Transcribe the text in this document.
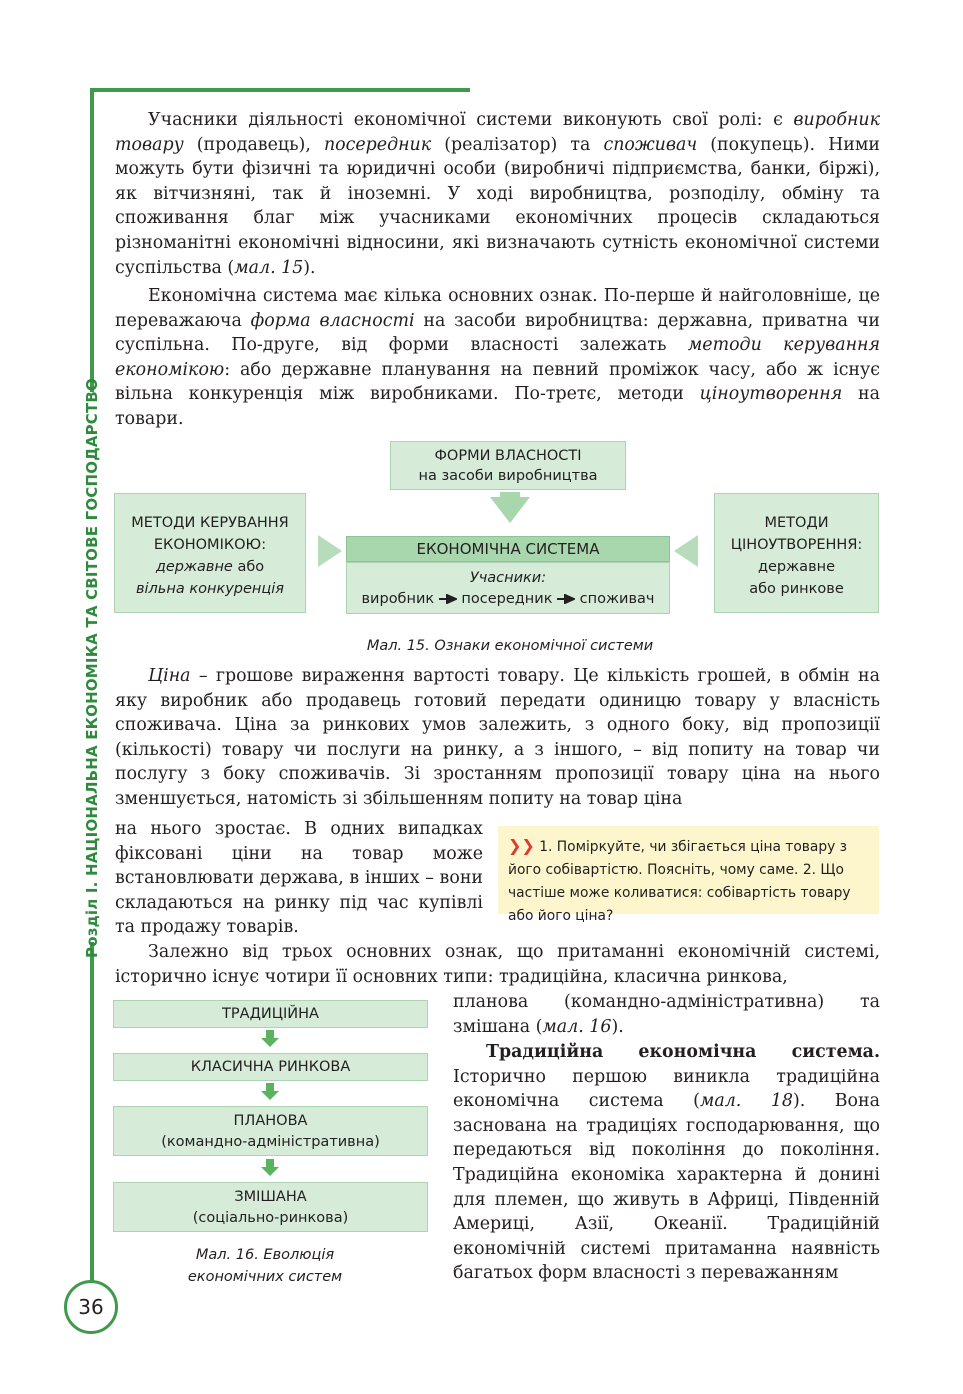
Розділ І. НАЦІОНАЛЬНА ЕКОНОМІКА ТА СВІТОВЕ ГОСПОДАРСТВО
36

Учасники діяльності економічної системи виконують свої ролі: є виробник товару (продавець), посередник (реалізатор) та споживач (покупець). Ними можуть бути фізичні та юридичні особи (виробничі підприємства, банки, біржі), як вітчизняні, так й іноземні. У ході виробництва, розподілу, обміну та споживання благ між учасниками економічних процесів складаються різноманітні економічні відносини, які визначають сутність економічної системи суспільства (мал. 15).

Економічна система має кілька основних ознак. По-перше й найголовніше, це переважаюча форма власності на засоби виробництва: державна, приватна чи суспільна. По-друге, від форми власності залежать методи керування економікою: або державне планування на певний проміжок часу, або ж існує вільна конкуренція між виробниками. По-третє, методи ціноутворення на товари.

ФОРМИ ВЛАСНОСТІ
на засоби виробництва
МЕТОДИ КЕРУВАННЯ
ЕКОНОМІКОЮ:
державне або
вільна конкуренція
ЕКОНОМІЧНА СИСТЕМА
Учасники:
виробник посередник споживач
МЕТОДИ
ЦІНОУТВОРЕННЯ:
державне
або ринкове
Мал. 15. Ознаки економічної системи

Ціна – грошове вираження вартості товару. Це кількість грошей, в обмін на яку виробник або продавець готовий передати одиницю товару у власність споживача. Ціна за ринкових умов залежить, з одного боку, від пропозиції (кількості) товару чи послуги на ринку, а з іншого, – від попиту на товар чи послугу з боку споживачів. Зі зростанням пропозиції товару ціна на нього зменшується, натомість зі збільшенням попиту на товар ціна

на нього зростає. В одних випадках фіксовані ціни на товар може встановлювати держава, в інших – вони складаються на ринку під час купівлі та продажу товарів.

❯❯ 1. Поміркуйте, чи збігається ціна товару з його собівартістю. Поясніть, чому саме. 2. Що частіше може коливатися: собівартість товару або його ціна?

Залежно від трьох основних ознак, що притаманні економічній системі, історично існує чотири її основних типи: традиційна, класична ринкова,

планова (командно-адміністративна) та змішана (мал. 16).

ТРАДИЦІЙНА
КЛАСИЧНА РИНКОВА
ПЛАНОВА
(командно-адміністративна)
ЗМІШАНА
(соціально-ринкова)
Мал. 16. Еволюція
економічних систем

Традиційна економічна система. Історично першою виникла традиційна економічна система (мал. 18). Вона заснована на традиціях господарювання, що передаються від покоління до покоління. Традиційна економіка характерна й донині для племен, що живуть в Африці, Південній Америці, Азії, Океанії. Традиційній економічній системі притаманна наявність багатьох форм власності з переважанням
